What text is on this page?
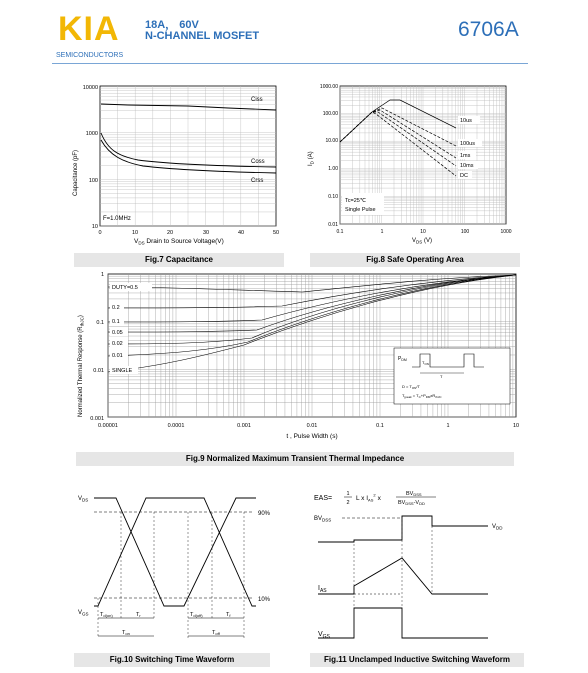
KIA
SEMICONDUCTORS
18A， 60V
N-CHANNEL MOSFET	6706A
Capacitance (pF)
10000
1000
100
10
0	10	20	30	40	50
$V_{DS}$ Drain to Source Voltage(V)
Ciss
Coss
Crss
F=1.0MHz
Fig.7 Capacitance
$I_D$ (A)
1000.00
100.00
10.00
1.00
0.10
0.01
0.1	1	10	100	1000
$V_{DS}$ (V)
10us
100us
1ms
10ms
DC
Tc=25℃
Single Pulse
Fig.8 Safe Operating Area
Normalized Thermal Response $(R_{thJC})$
1
0.1
0.01
0.001
0.00001	0.0001	0.001	0.01	0.1	1	10
t , Pulse Width (s)
DUTY=0.5
0.2
0.1
0.05
0.02
0.01
SINGLE
$P_{DM}$	$T_{ON}$
T
$D = T_{ON}/T$
$T_{jpeak} = T_C+P_{DM}xR_{thJC}$
Fig.9 Normalized Maximum Transient Thermal Impedance
$V_{DS}$
$V_{GS}$
90%
10%
Td(on)	Tr	Td(off)	Tf
Ton	Toff
Fig.10 Switching Time Waveform
EAS=
1
2
L x $I_{AS}^2$ x
BVDSS
BVDSS-VDD
$BV_{DSS}$
$V_{DD}$
$I_{AS}$
$V_{GS}$
Fig.11 Unclamped Inductive Switching Waveform
